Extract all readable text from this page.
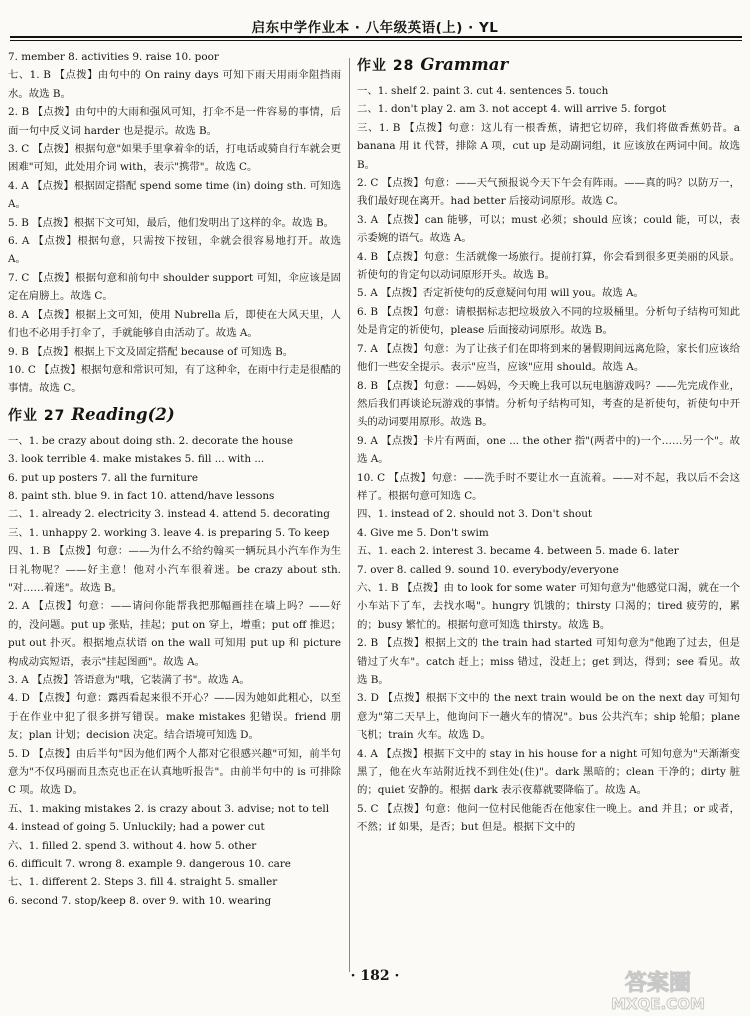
启东中学作业本 · 八年级英语(上) · YL
7. member 8. activities 9. raise 10. poor
七、1. B 【点拨】由句中的 On rainy days 可知下雨天用雨伞阻挡雨水。故选 B。
2. B 【点拨】由句中的大雨和强风可知，打伞不是一件容易的事情，后面一句中反义词 harder 也是提示。故选 B。
3. C 【点拨】根据句意"如果手里拿着伞的话，打电话或骑自行车就会更困难"可知，此处用介词 with，表示"携带"。故选 C。
4. A 【点拨】根据固定搭配 spend some time (in) doing sth. 可知选 A。
5. B 【点拨】根据下文可知，最后，他们发明出了这样的伞。故选 B。
6. A 【点拨】根据句意，只需按下按钮，伞就会很容易地打开。故选 A。
7. C 【点拨】根据句意和前句中 shoulder support 可知，伞应该是固定在肩膀上。故选 C。
8. A 【点拨】根据上文可知，使用 Nubrella 后，即使在大风天里，人们也不必用手打伞了，手就能够自由活动了。故选 A。
9. B 【点拨】根据上下文及固定搭配 because of 可知选 B。
10. C 【点拨】根据句意和常识可知，有了这种伞，在雨中行走是很酷的事情。故选 C。
作业 27 Reading(2)
一、1. be crazy about doing sth. 2. decorate the house
3. look terrible 4. make mistakes 5. fill ... with ...
6. put up posters 7. all the furniture
8. paint sth. blue 9. in fact 10. attend/have lessons
二、1. already 2. electricity 3. instead 4. attend 5. decorating
三、1. unhappy 2. working 3. leave 4. is preparing 5. To keep
四、1. B 【点拨】句意：——为什么不给约翰买一辆玩具小汽车作为生日礼物呢？——好主意！他对小汽车很着迷。be crazy about sth. "对……着迷"。故选 B。
2. A 【点拨】句意：——请问你能帮我把那幅画挂在墙上吗？——好的，没问题。put up 张贴，挂起；put on 穿上，增重；put off 推迟；put out 扑灭。根据地点状语 on the wall 可知用 put up 和 picture 构成动宾短语，表示"挂起图画"。故选 A。
3. A 【点拨】答语意为"哦，它装满了书"。故选 A。
4. D 【点拨】句意：露西看起来很不开心？——因为她如此粗心，以至于在作业中犯了很多拼写错误。make mistakes 犯错误。friend 朋友；plan 计划；decision 决定。结合语境可知选 D。
5. D 【点拨】由后半句"因为他们两个人都对它很感兴趣"可知，前半句意为"不仅玛丽而且杰克也正在认真地听报告"。由前半句中的 is 可排除 C 项。故选 D。
五、1. making mistakes 2. is crazy about 3. advise; not to tell
4. instead of going 5. Unluckily; had a power cut
六、1. filled 2. spend 3. without 4. how 5. other
6. difficult 7. wrong 8. example 9. dangerous 10. care
七、1. different 2. Steps 3. fill 4. straight 5. smaller
6. second 7. stop/keep 8. over 9. with 10. wearing
作业 28 Grammar
一、1. shelf 2. paint 3. cut 4. sentences 5. touch
二、1. don't play 2. am 3. not accept 4. will arrive 5. forgot
三、1. B 【点拨】句意：这儿有一根香蕉，请把它切碎，我们将做香蕉奶昔。a banana 用 it 代替，排除 A 项，cut up 是动副词组，it 应该放在两词中间。故选 B。
2. C 【点拨】句意：——天气预报说今天下午会有阵雨。——真的吗？以防万一，我们最好现在离开。had better 后接动词原形。故选 C。
3. A 【点拨】can 能够，可以；must 必须；should 应该；could 能，可以，表示委婉的语气。故选 A。
4. B 【点拨】句意：生活就像一场旅行。提前打算，你会看到很多更美丽的风景。祈使句的肯定句以动词原形开头。故选 B。
5. A 【点拨】否定祈使句的反意疑问句用 will you。故选 A。
6. B 【点拨】句意：请根据标志把垃圾放入不同的垃圾桶里。分析句子结构可知此处是肯定的祈使句，please 后面接动词原形。故选 B。
7. A 【点拨】句意：为了让孩子们在即将到来的暑假期间远离危险，家长们应该给他们一些安全提示。表示"应当，应该"应用 should。故选 A。
8. B 【点拨】句意：——妈妈，今天晚上我可以玩电脑游戏吗？——先完成作业，然后我们再谈论玩游戏的事情。分析句子结构可知，考查的是祈使句，祈使句中开头的动词要用原形。故选 B。
9. A 【点拨】卡片有两面，one ... the other 指"(两者中的)一个……另一个"。故选 A。
10. C 【点拨】句意：——洗手时不要让水一直流着。——对不起，我以后不会这样了。根据句意可知选 C。
四、1. instead of 2. should not 3. Don't shout
4. Give me 5. Don't swim
五、1. each 2. interest 3. became 4. between 5. made 6. later
7. over 8. called 9. sound 10. everybody/everyone
六、1. B 【点拨】由 to look for some water 可知句意为"他感觉口渴，就在一个小车站下了车，去找水喝"。hungry 饥饿的；thirsty 口渴的；tired 疲劳的，累的；busy 繁忙的。根据句意可知选 thirsty。故选 B。
2. B 【点拨】根据上文的 the train had started 可知句意为"他跑了过去，但是错过了火车"。catch 赶上；miss 错过，没赶上；get 到达，得到；see 看见。故选 B。
3. D 【点拨】根据下文中的 the next train would be on the next day 可知句意为"第二天早上，他询问下一趟火车的情况"。bus 公共汽车；ship 轮船；plane 飞机；train 火车。故选 D。
4. A 【点拨】根据下文中的 stay in his house for a night 可知句意为"天渐渐变黑了，他在火车站附近找不到住处(住)"。dark 黑暗的；clean 干净的；dirty 脏的；quiet 安静的。根据 dark 表示夜幕就要降临了。故选 A。
5. C 【点拨】句意：他问一位村民他能否在他家住一晚上。and 并且；or 或者，不然；if 如果，是否；but 但是。根据下文中的
· 182 ·	答案圈
MXQE.COM
